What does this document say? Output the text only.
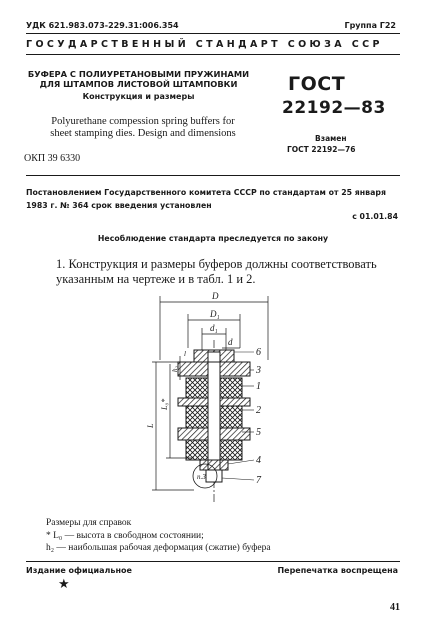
УДК 621.983.073-229.31:006.354	Группа Г22
ГОСУДАРСТВЕННЫЙ СТАНДАРТ СОЮЗА ССР
БУФЕРА С ПОЛИУРЕТАНОВЫМИ ПРУЖИНАМИ
ДЛЯ ШТАМПОВ ЛИСТОВОЙ ШТАМПОВКИ
Конструкция и размеры
Polyurethane compession spring buffers for
sheet stamping dies. Design and dimensions
ОКП 39 6330
ГОСТ
22192—83
Взамен
ГОСТ 22192—76
Постановлением Государственного комитета СССР по стандартам от 25 января
1983 г. № 364 срок введения установлен
с 01.01.84
Несоблюдение стандарта преследуется по закону
1. Конструкция и размеры буферов должны соответствовать
указанным на чертеже и в табл. 1 и 2.
D
D₁
d₁
d
l
L
L₀*
h₂
n.3
6
3
1
2
5
4
7
Размеры для справок
* L₀ — высота в свободном состоянии;
h₂ — наибольшая рабочая деформация (сжатие) буфера
Издание официальное
★
Перепечатка воспрещена
41
